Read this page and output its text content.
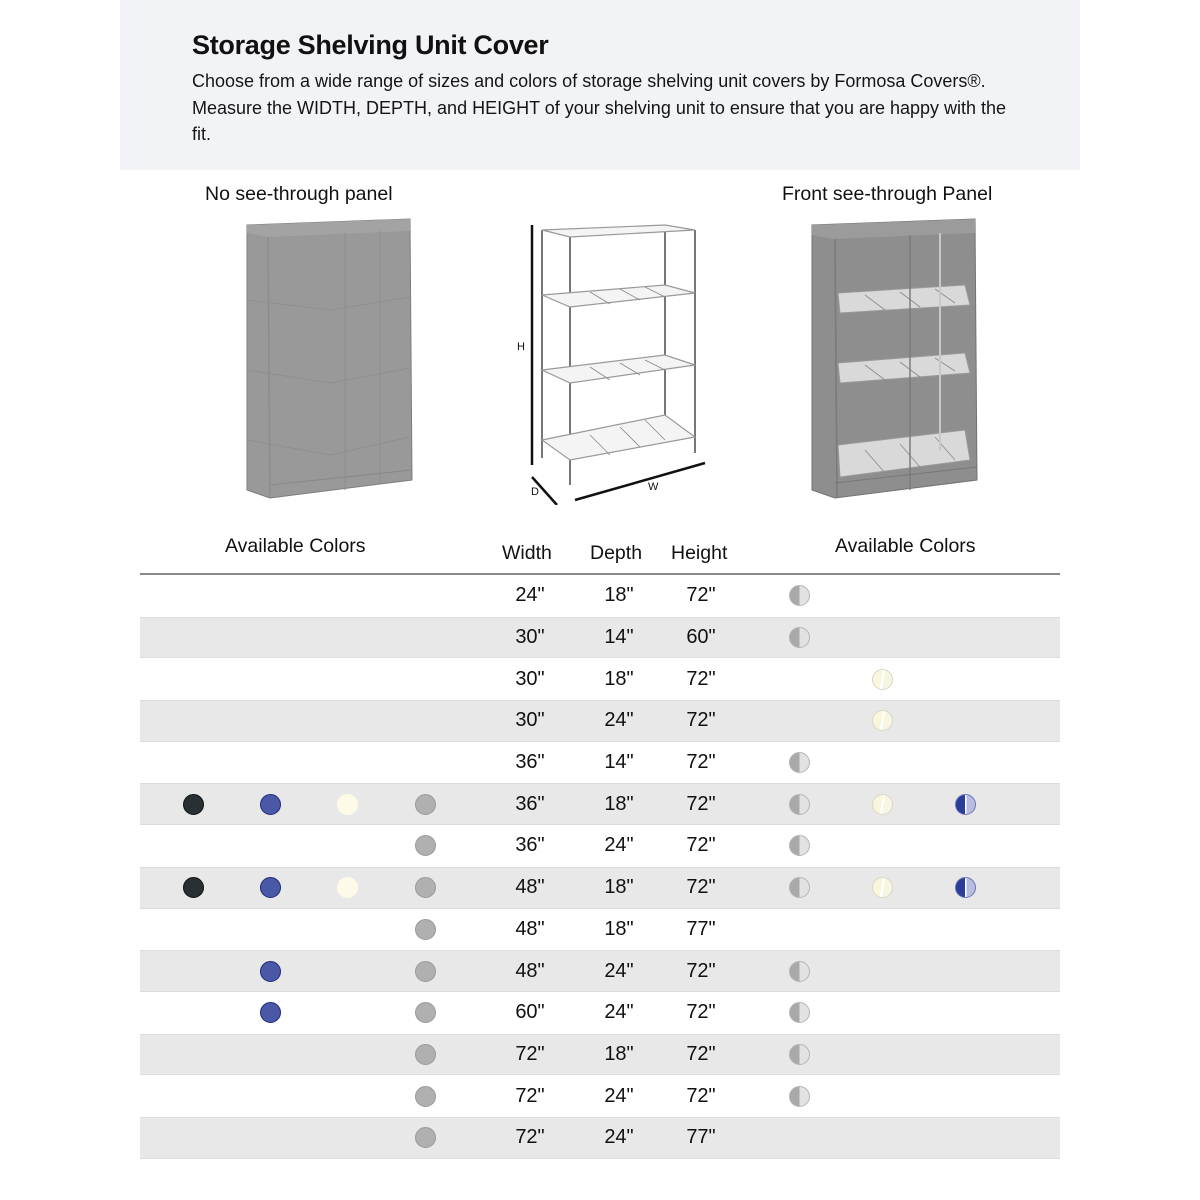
Storage Shelving Unit Cover
Choose from a wide range of sizes and colors of storage shelving unit covers by Formosa Covers®. Measure the WIDTH, DEPTH, and HEIGHT of your shelving unit to ensure that you are happy with the fit.
No see-through panel	Front see-through Panel
H
D	W
Available Colors	Width Depth Height	Available Colors
24"	18"	72"
30"	14"	60"
30"	18"	72"
30"	24"	72"
36"	14"	72"
36"	18"	72"
36"	24"	72"
48"	18"	72"
48"	18"	77"
48"	24"	72"
60"	24"	72"
72"	18"	72"
72"	24"	72"
72"	24"	77"
